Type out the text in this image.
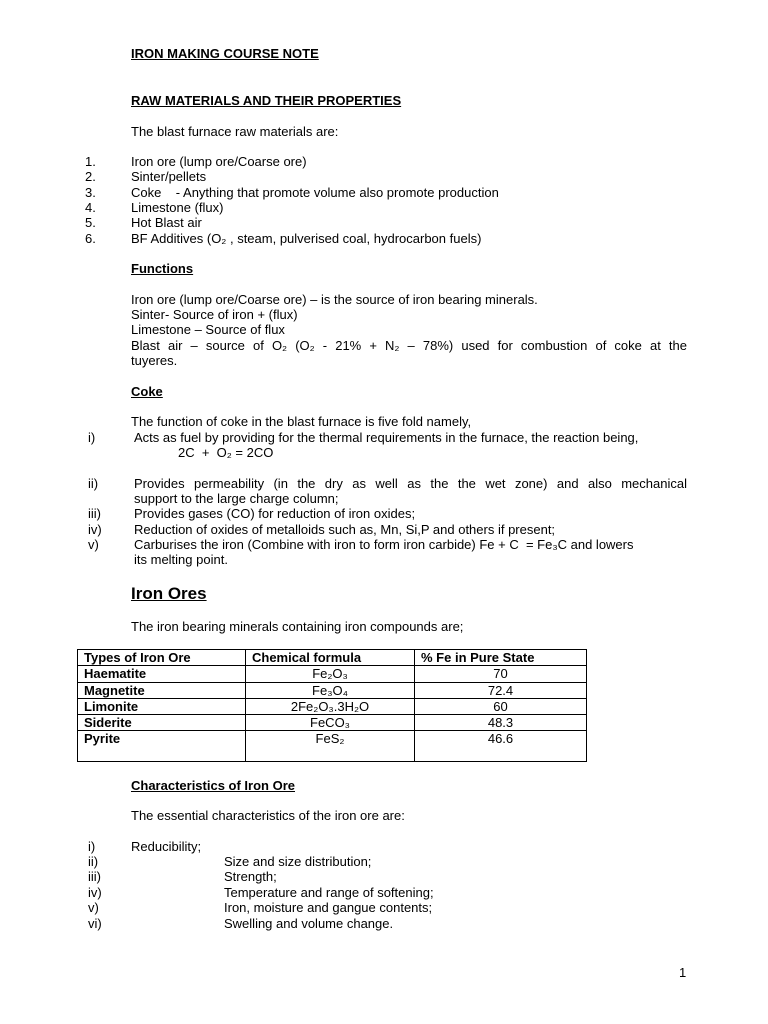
IRON MAKING COURSE NOTE
RAW MATERIALS AND THEIR PROPERTIES
The blast furnace raw materials are:
1.	Iron ore (lump ore/Coarse ore)
2.	Sinter/pellets
3.	Coke    - Anything that promote volume also promote production
4.	Limestone (flux)
5.	Hot Blast air
6.	BF Additives (O₂ , steam, pulverised coal, hydrocarbon fuels)
Functions
Iron ore (lump ore/Coarse ore) – is the source of iron bearing minerals.
Sinter- Source of iron + (flux)
Limestone – Source of flux
Blast air – source of O₂ (O₂ - 21% + N₂ – 78%) used for combustion of coke at the
tuyeres.
Coke
The function of coke in the blast furnace is five fold namely,
i)	Acts as fuel by providing for the thermal requirements in the furnace, the reaction being,
2C  +  O₂ = 2CO
ii)	Provides permeability (in the dry as well as the the wet zone) and also mechanical
support to the large charge column;
iii)	Provides gases (CO) for reduction of iron oxides;
iv) Reduction of oxides of metalloids such as, Mn, Si,P and others if present;
v)	Carburises the iron (Combine with iron to form iron carbide) Fe + C  = Fe₃C and lowers
its melting point.
Iron Ores
The iron bearing minerals containing iron compounds are;
Types of Iron Ore	Chemical formula	% Fe in Pure State
Haematite	Fe₂O₃	70
Magnetite	Fe₃O₄	72.4
Limonite	2Fe₂O₃.3H₂O	60
Siderite	FeCO₃	48.3
Pyrite	FeS₂	46.6
Characteristics of Iron Ore
The essential characteristics of the iron ore are:
i)	Reducibility;
ii)	Size and size distribution;
iii)	Strength;
iv)	Temperature and range of softening;
v)	Iron, moisture and gangue contents;
vi)	Swelling and volume change.
1
